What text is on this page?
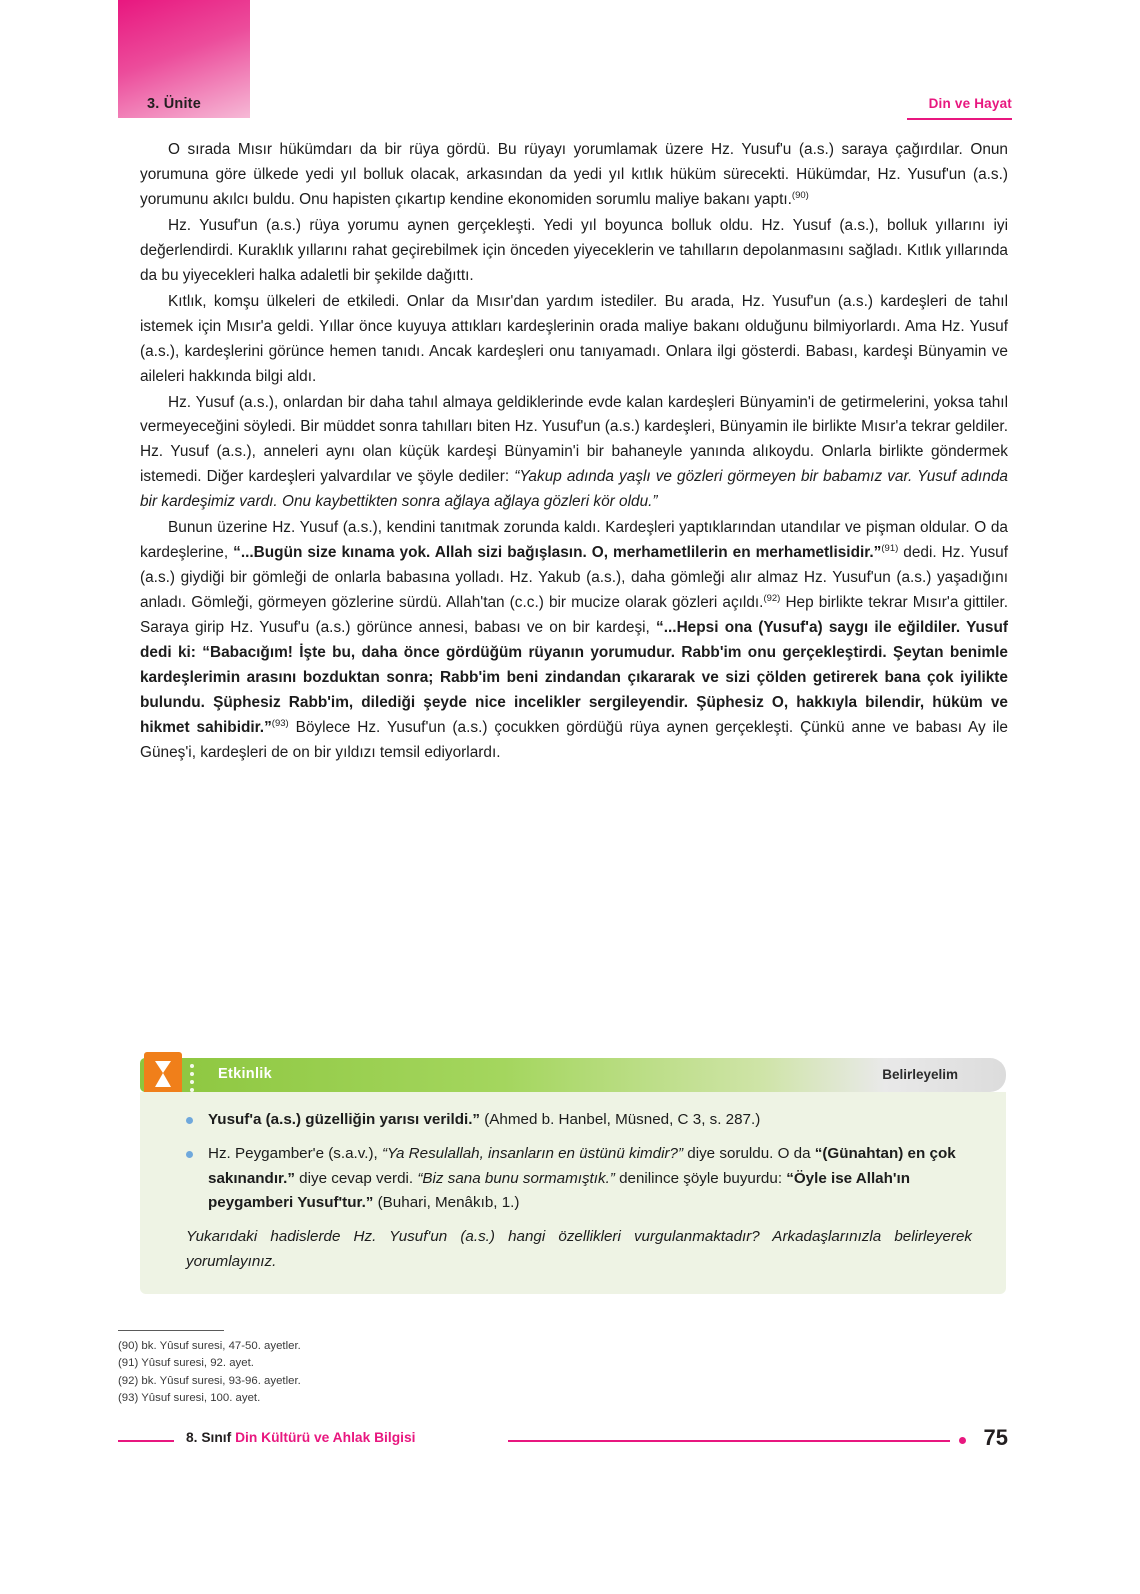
3. Ünite	Din ve Hayat

O sırada Mısır hükümdarı da bir rüya gördü. Bu rüyayı yorumlamak üzere Hz. Yusuf'u (a.s.) saraya çağırdılar. Onun yorumuna göre ülkede yedi yıl bolluk olacak, arkasından da yedi yıl kıtlık hüküm sürecekti. Hükümdar, Hz. Yusuf'un (a.s.) yorumunu akılcı buldu. Onu hapisten çıkartıp kendine ekonomiden sorumlu maliye bakanı yaptı.$^{(90)}$

Hz. Yusuf'un (a.s.) rüya yorumu aynen gerçekleşti. Yedi yıl boyunca bolluk oldu. Hz. Yusuf (a.s.), bolluk yıllarını iyi değerlendirdi. Kuraklık yıllarını rahat geçirebilmek için önceden yiyeceklerin ve tahılların depolanmasını sağladı. Kıtlık yıllarında da bu yiyecekleri halka adaletli bir şekilde dağıttı.

Kıtlık, komşu ülkeleri de etkiledi. Onlar da Mısır'dan yardım istediler. Bu arada, Hz. Yusuf'un (a.s.) kardeşleri de tahıl istemek için Mısır'a geldi. Yıllar önce kuyuya attıkları kardeşlerinin orada maliye bakanı olduğunu bilmiyorlardı. Ama Hz. Yusuf (a.s.), kardeşlerini görünce hemen tanıdı. Ancak kardeşleri onu tanıyamadı. Onlara ilgi gösterdi. Babası, kardeşi Bünyamin ve aileleri hakkında bilgi aldı.

Hz. Yusuf (a.s.), onlardan bir daha tahıl almaya geldiklerinde evde kalan kardeşleri Bünyamin'i de getirmelerini, yoksa tahıl vermeyeceğini söyledi. Bir müddet sonra tahılları biten Hz. Yusuf'un (a.s.) kardeşleri, Bünyamin ile birlikte Mısır'a tekrar geldiler. Hz. Yusuf (a.s.), anneleri aynı olan küçük kardeşi Bünyamin'i bir bahaneyle yanında alıkoydu. Onlarla birlikte göndermek istemedi. Diğer kardeşleri yalvardılar ve şöyle dediler: “Yakup adında yaşlı ve gözleri görmeyen bir babamız var. Yusuf adında bir kardeşimiz vardı. Onu kaybettikten sonra ağlaya ağlaya gözleri kör oldu.”

Bunun üzerine Hz. Yusuf (a.s.), kendini tanıtmak zorunda kaldı. Kardeşleri yaptıklarından utandılar ve pişman oldular. O da kardeşlerine, “...Bugün size kınama yok. Allah sizi bağışlasın. O, merhametlilerin en merhametlisidir.”$^{(91)}$ dedi. Hz. Yusuf (a.s.) giydiği bir gömleği de onlarla babasına yolladı. Hz. Yakub (a.s.), daha gömleği alır almaz Hz. Yusuf'un (a.s.) yaşadığını anladı. Gömleği, görmeyen gözlerine sürdü. Allah'tan (c.c.) bir mucize olarak gözleri açıldı.$^{(92)}$ Hep birlikte tekrar Mısır'a gittiler. Saraya girip Hz. Yusuf'u (a.s.) görünce annesi, babası ve on bir kardeşi, “...Hepsi ona (Yusuf'a) saygı ile eğildiler. Yusuf dedi ki: “Babacığım! İşte bu, daha önce gördüğüm rüyanın yorumudur. Rabb'im onu gerçekleştirdi. Şeytan benimle kardeşlerimin arasını bozduktan sonra; Rabb'im beni zindandan çıkararak ve sizi çölden getirerek bana çok iyilikte bulundu. Şüphesiz Rabb'im, dilediği şeyde nice incelikler sergileyendir. Şüphesiz O, hakkıyla bilendir, hüküm ve hikmet sahibidir.”$^{(93)}$ Böylece Hz. Yusuf'un (a.s.) çocukken gördüğü rüya aynen gerçekleşti. Çünkü anne ve babası Ay ile Güneş'i, kardeşleri de on bir yıldızı temsil ediyorlardı.

Etkinlik	Belirleyelim
Yusuf'a (a.s.) güzelliğin yarısı verildi.” (Ahmed b. Hanbel, Müsned, C 3, s. 287.)
Hz. Peygamber'e (s.a.v.), “Ya Resulallah, insanların en üstünü kimdir?” diye soruldu. O da “(Günahtan) en çok sakınandır.” diye cevap verdi. “Biz sana bunu sormamıştık.” denilince şöyle buyurdu: “Öyle ise Allah'ın peygamberi Yusuf'tur.” (Buhari, Menâkıb, 1.)

Yukarıdaki hadislerde Hz. Yusuf'un (a.s.) hangi özellikleri vurgulanmaktadır? Arkadaşlarınızla belirleyerek yorumlayınız.

(90) bk. Yûsuf suresi, 47-50. ayetler.
(91) Yûsuf suresi, 92. ayet.
(92) bk. Yûsuf suresi, 93-96. ayetler.
(93) Yûsuf suresi, 100. ayet.
8. Sınıf Din Kültürü ve Ahlak Bilgisi	75
